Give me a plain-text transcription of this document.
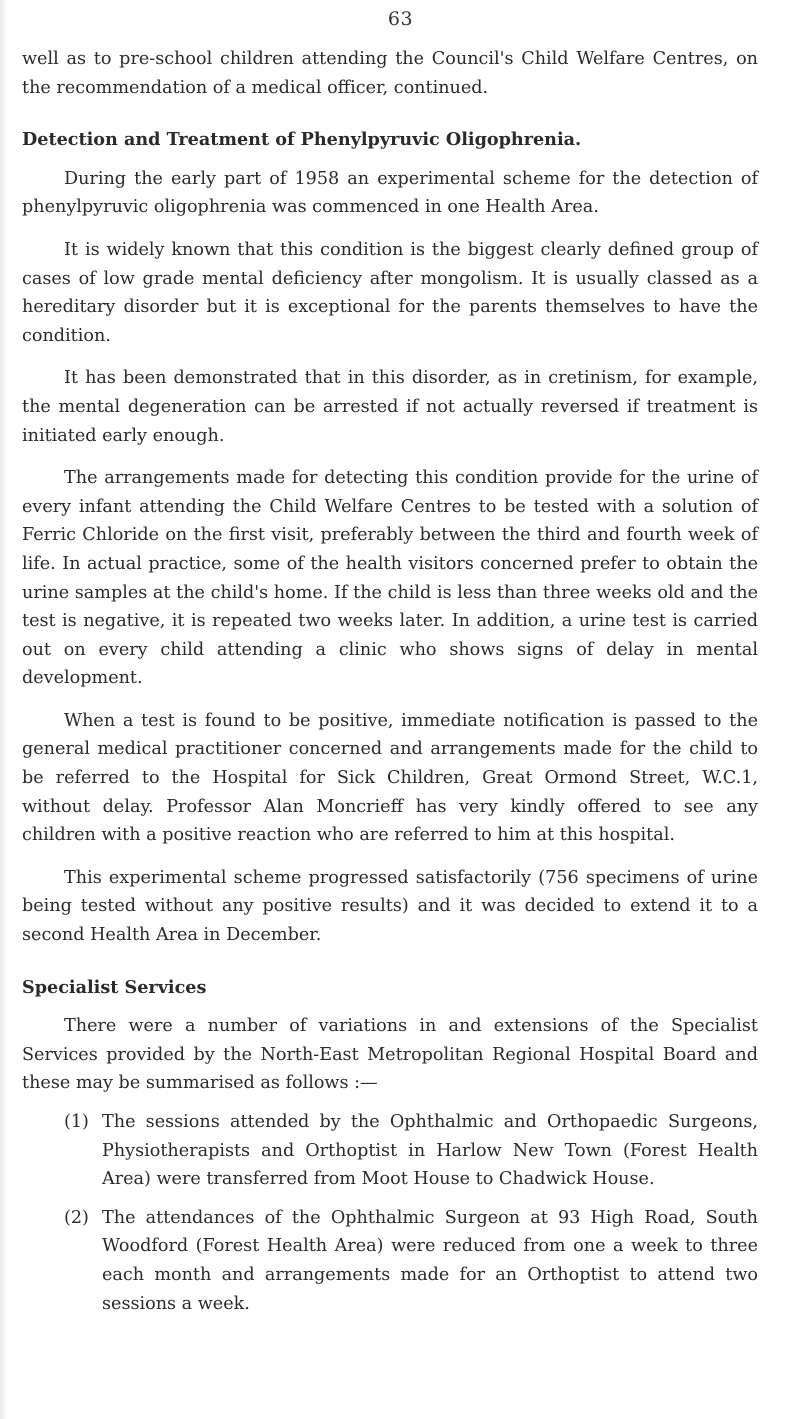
63

well as to pre-school children attending the Council's Child Welfare Centres, on the recommendation of a medical officer, continued.

Detection and Treatment of Phenylpyruvic Oligophrenia.

During the early part of 1958 an experimental scheme for the detection of phenylpyruvic oligophrenia was commenced in one Health Area.

It is widely known that this condition is the biggest clearly defined group of cases of low grade mental deficiency after mongolism. It is usually classed as a hereditary disorder but it is exceptional for the parents themselves to have the condition.

It has been demonstrated that in this disorder, as in cretinism, for example, the mental degeneration can be arrested if not actually reversed if treatment is initiated early enough.

The arrangements made for detecting this condition provide for the urine of every infant attending the Child Welfare Centres to be tested with a solution of Ferric Chloride on the first visit, preferably between the third and fourth week of life. In actual practice, some of the health visitors concerned prefer to obtain the urine samples at the child's home. If the child is less than three weeks old and the test is negative, it is repeated two weeks later. In addition, a urine test is carried out on every child attending a clinic who shows signs of delay in mental development.

When a test is found to be positive, immediate notification is passed to the general medical practitioner concerned and arrangements made for the child to be referred to the Hospital for Sick Children, Great Ormond Street, W.C.1, without delay. Professor Alan Moncrieff has very kindly offered to see any children with a positive reaction who are referred to him at this hospital.

This experimental scheme progressed satisfactorily (756 specimens of urine being tested without any positive results) and it was decided to extend it to a second Health Area in December.

Specialist Services

There were a number of variations in and extensions of the Specialist Services provided by the North-East Metropolitan Regional Hospital Board and these may be summarised as follows :—

(1) The sessions attended by the Ophthalmic and Orthopaedic Surgeons, Physiotherapists and Orthoptist in Harlow New Town (Forest Health Area) were transferred from Moot House to Chadwick House.
(2) The attendances of the Ophthalmic Surgeon at 93 High Road, South Woodford (Forest Health Area) were reduced from one a week to three each month and arrangements made for an Orthoptist to attend two sessions a week.
